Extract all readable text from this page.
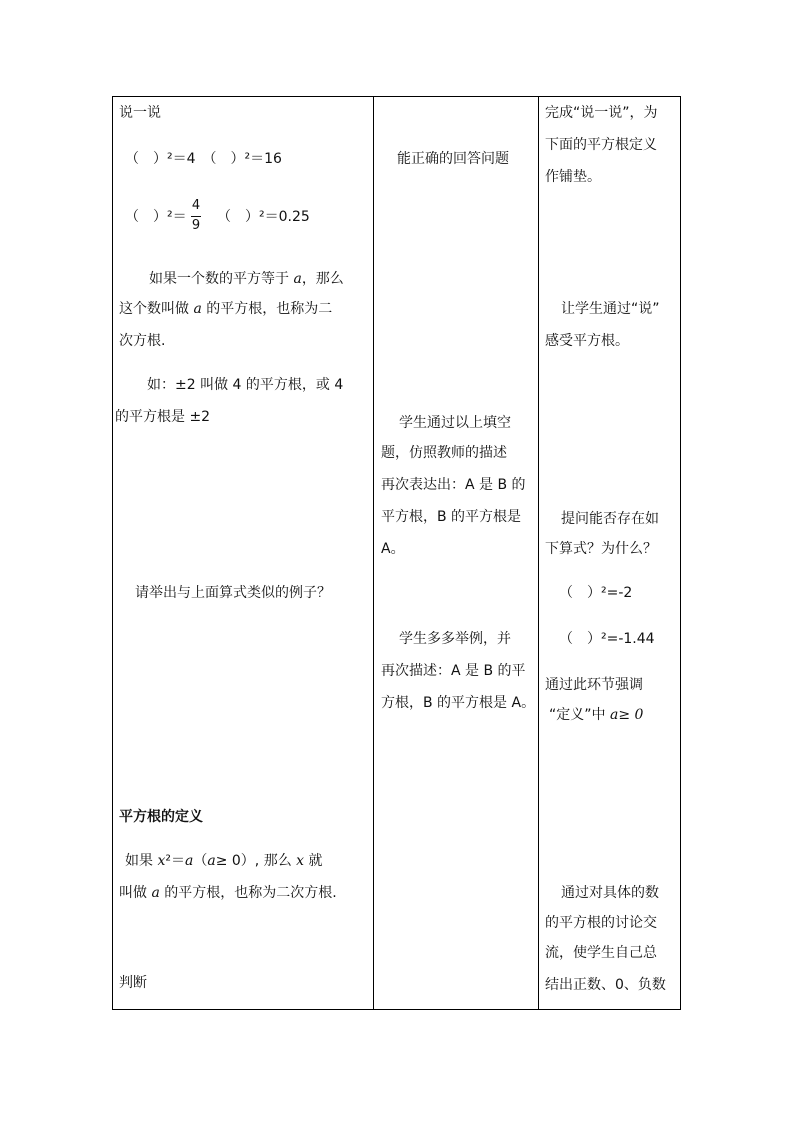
说一说
（　）²＝4　（　）²＝16
（　）²＝
4
9
（　）²＝0.25
如果一个数的平方等于 a，那么
这个数叫做 a 的平方根，也称为二
次方根.
如：±2 叫做 4 的平方根，或 4
的平方根是 ±2
请举出与上面算式类似的例子？
平方根的定义
如果 x²＝a（a≥ 0）, 那么 x 就
叫做 a 的平方根，也称为二次方根.
判断
能正确的回答问题
学生通过以上填空
题，仿照教师的描述
再次表达出：A 是 B 的
平方根，B 的平方根是
A。
学生多多举例，并
再次描述：A 是 B 的平
方根，B 的平方根是 A。
完成“说一说”，为
下面的平方根定义
作铺垫。
让学生通过“说”
感受平方根。
提问能否存在如
下算式？为什么？
（　）²=-2
（　）²=-1.44
通过此环节强调
“定义”中 a≥ 0
通过对具体的数
的平方根的讨论交
流，使学生自己总
结出正数、0、负数
